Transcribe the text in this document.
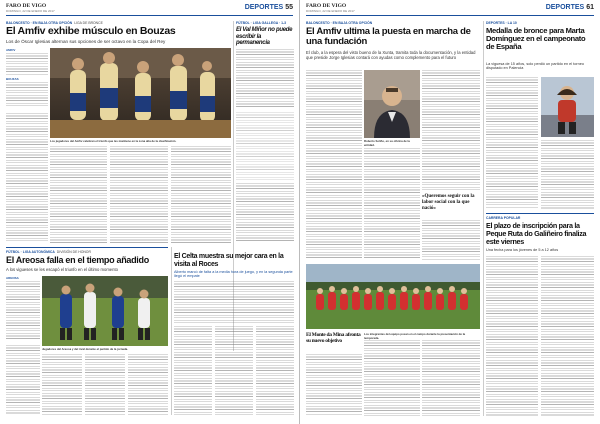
FARO DE VIGO
DOMINGO, 22 DE ENERO DE 2017	DEPORTES 55
BALONCESTO · EN BAJA OTRA OPCIÓN LIGA DE BRONCE
El Amfiv exhibe músculo en Bouzas
Los de Óscar Iglesias alternan sus opciones de ser octavo en la Copa del Rey
AMFIV
BOUZAS
Los jugadores del Amfiv celebran el triunfo que les mantiene en la zona alta de la clasificación.
FÚTBOL · LIGA GALLEGA · 1-3
El Val Miñor no puede escribir la permanencia
FÚTBOL · LIGA AUTONÓMICA DIVISIÓN DE HONOR
El Areosa falla en el tiempo añadido
A los vigueses se les escapó el triunfo en el último momento
AREOSA
Jugadores del Areosa y del rival durante el partido de la jornada.
El Celta muestra su mejor cara en la visita al Roces
Alberto marcó de falta a la media hora de juego, y en la segunda parte llegó el empate
FARO DE VIGO
DOMINGO, 22 DE ENERO DE 2017	DEPORTES 61
BALONCESTO · EN BAJA OTRA OPCIÓN
El Amfiv ultima la puesta en marcha de una fundación
El club, a la espera del visto bueno de la Xunta, tramita toda la documentación, y la entidad que preside Jorge Iglesias contará con ayudas como complemento para el futuro
Roberto Soliño, en su oficina de la entidad.
«Queremos seguir con la labor social con la que nació»
El Monte da Mina afronta su nuevo objetivo
Los integrantes del equipo posan en el campo durante la presentación de la temporada.
DEPORTES · LA 10
Medalla de bronce para Marta Domínguez en el campeonato de España
La viguesa de 15 años, solo perdió un partido en el torneo disputado en Palencia
CARRERA POPULAR
El plazo de inscripción para la Peque Ruta do Galiñeiro finaliza este viernes
Una fecha para los jóvenes de 5 a 12 años
